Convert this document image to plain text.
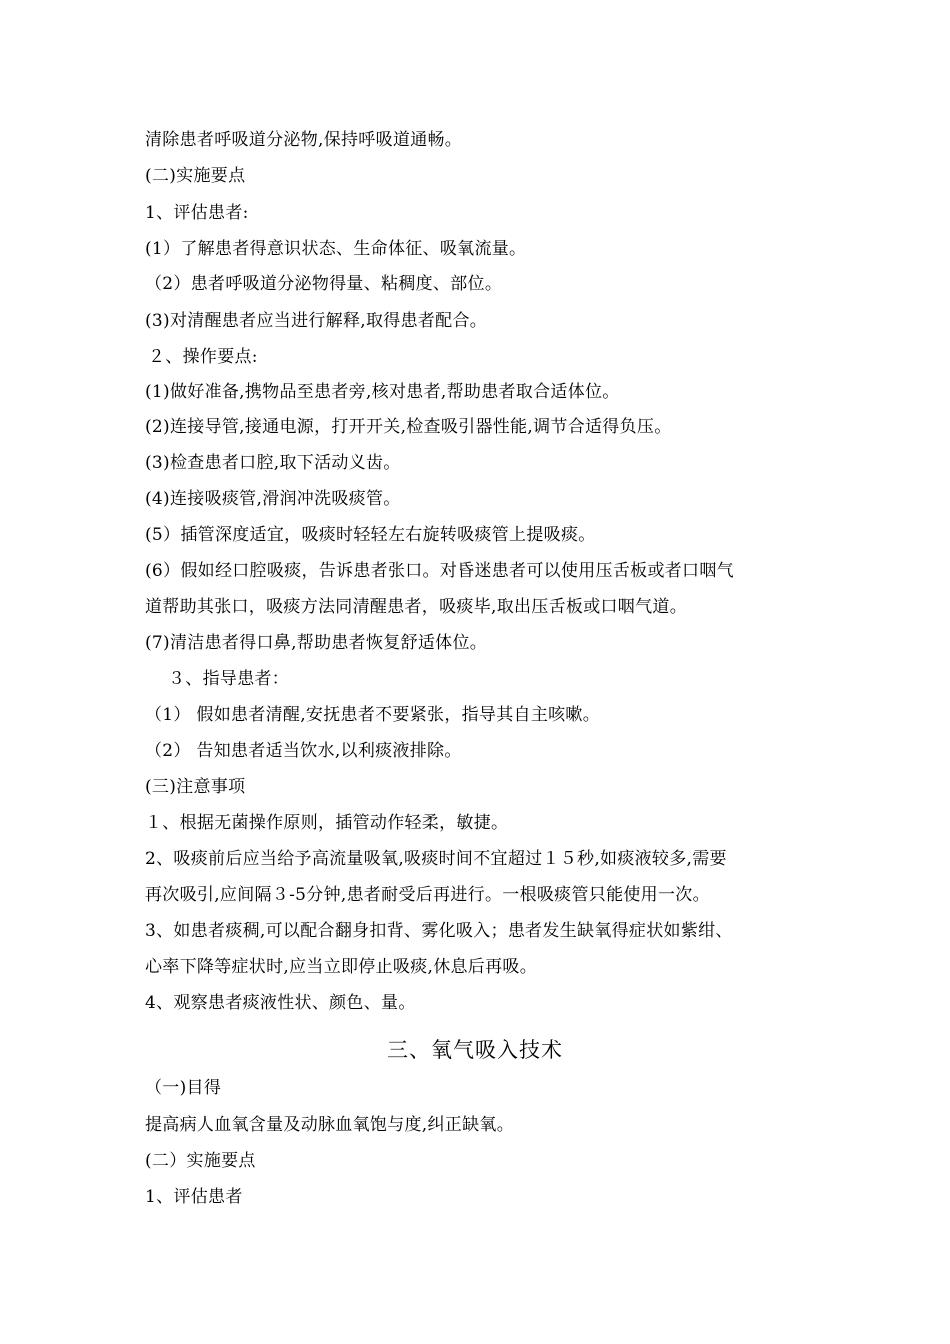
清除患者呼吸道分泌物,保持呼吸道通畅。
(二)实施要点
1、评估患者:
(1）了解患者得意识状态、生命体征、吸氧流量。
（2）患者呼吸道分泌物得量、粘稠度、部位。
(3)对清醒患者应当进行解释,取得患者配合。
２、操作要点:
(1)做好准备,携物品至患者旁,核对患者,帮助患者取合适体位。
(2)连接导管,接通电源，打开开关,检查吸引器性能,调节合适得负压。
(3)检查患者口腔,取下活动义齿。
(4)连接吸痰管,滑润冲洗吸痰管。
(5）插管深度适宜，吸痰时轻轻左右旋转吸痰管上提吸痰。
(6）假如经口腔吸痰，告诉患者张口。对昏迷患者可以使用压舌板或者口咽气
道帮助其张口，吸痰方法同清醒患者，吸痰毕,取出压舌板或口咽气道。
(7)清洁患者得口鼻,帮助患者恢复舒适体位。
３、指导患者：
（1） 假如患者清醒,安抚患者不要紧张，指导其自主咳嗽。
（2） 告知患者适当饮水,以利痰液排除。
(三)注意事项
１、根据无菌操作原则，插管动作轻柔，敏捷。
2、吸痰前后应当给予高流量吸氧,吸痰时间不宜超过１５秒,如痰液较多,需要
再次吸引,应间隔３-5分钟,患者耐受后再进行。一根吸痰管只能使用一次。
3、如患者痰稠,可以配合翻身扣背、雾化吸入；患者发生缺氧得症状如紫绀、
心率下降等症状时,应当立即停止吸痰,休息后再吸。
4、观察患者痰液性状、颜色、量。
三、氧气吸入技术
（一)目得
提高病人血氧含量及动脉血氧饱与度,纠正缺氧。
(二）实施要点
1、评估患者
